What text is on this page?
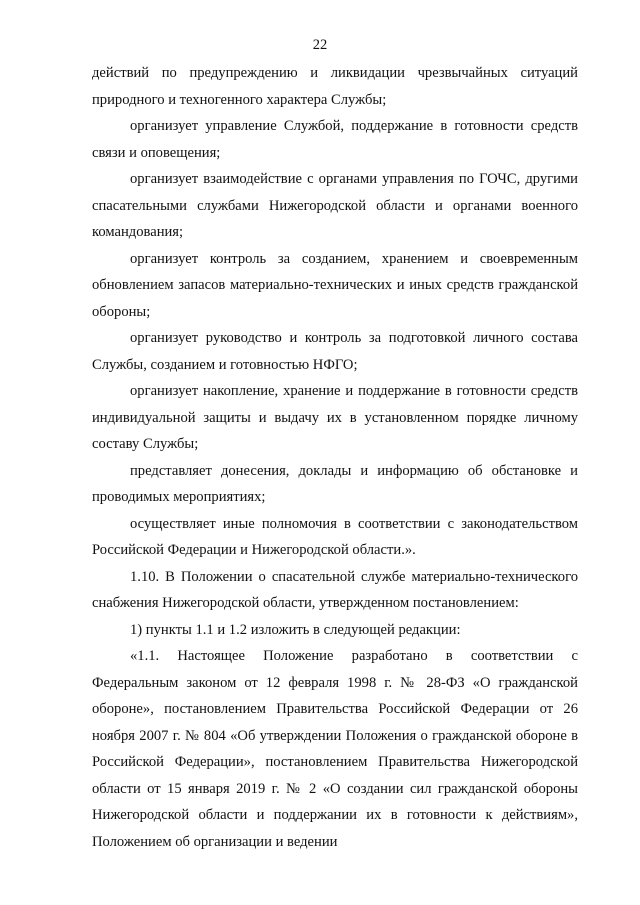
22

действий по предупреждению и ликвидации чрезвычайных ситуаций природного и техногенного характера Службы;

организует управление Службой, поддержание в готовности средств связи и оповещения;

организует взаимодействие с органами управления по ГОЧС, другими спасательными службами Нижегородской области и органами военного командования;

организует контроль за созданием, хранением и своевременным обновлением запасов материально-технических и иных средств гражданской обороны;

организует руководство и контроль за подготовкой личного состава Службы, созданием и готовностью НФГО;

организует накопление, хранение и поддержание в готовности средств индивидуальной защиты и выдачу их в установленном порядке личному составу Службы;

представляет донесения, доклады и информацию об обстановке и проводимых мероприятиях;

осуществляет иные полномочия в соответствии с законодательством Российской Федерации и Нижегородской области.».

1.10. В Положении о спасательной службе материально-технического снабжения Нижегородской области, утвержденном постановлением:

1) пункты 1.1 и 1.2 изложить в следующей редакции:

«1.1. Настоящее Положение разработано в соответствии с Федеральным законом от 12 февраля 1998 г. № 28-ФЗ «О гражданской обороне», постановлением Правительства Российской Федерации от 26 ноября 2007 г. № 804 «Об утверждении Положения о гражданской обороне в Российской Федерации», постановлением Правительства Нижегородской области от 15 января 2019 г. № 2 «О создании сил гражданской обороны Нижегородской области и поддержании их в готовности к действиям», Положением об организации и ведении
